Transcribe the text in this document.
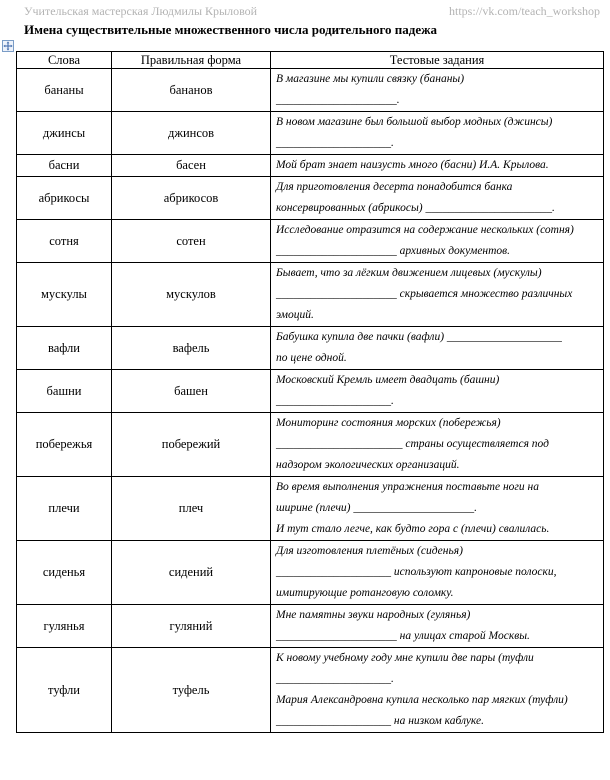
Учительская мастерская Людмилы Крыловой	https://vk.com/teach_workshop
Имена существительные множественного числа родительного падежа
Слова	Правильная форма	Тестовые задания
бананы	бананов	В магазине мы купили связку (бананы)
_____________________.

джинсы	джинсов	В новом магазине был большой выбор модных (джинсы)
____________________.

басни	басен	Мой брат знает наизусть много (басни) И.А. Крылова.

абрикосы	абрикосов	Для приготовления десерта понадобится банка
консервированных (абрикосы) ______________________.

сотня	сотен	Исследование отразится на содержание нескольких (сотня)
_____________________ архивных документов.

мускулы	мускулов	Бывает, что за лёгким движением лицевых (мускулы)
_____________________ скрывается множество различных
эмоций.

вафли	вафель	Бабушка купила две пачки (вафли) ____________________
по цене одной.

башни	башен	Московский Кремль имеет двадцать (башни)
____________________.

побережья	побережий	Мониторинг состояния морских (побережья)
______________________ страны осуществляется под
надзором экологических организаций.

плечи	плеч	Во время выполнения упражнения поставьте ноги на
ширине (плечи) _____________________.
И тут стало легче, как будто гора с (плечи) свалилась.

сиденья	сидений	Для изготовления плетёных (сиденья)
____________________ используют капроновые полоски,
имитирующие ротанговую соломку.

гулянья	гуляний	Мне памятны звуки народных (гулянья)
_____________________ на улицах старой Москвы.

туфли	туфель	К новому учебному году мне купили две пары (туфли
____________________.
Мария Александровна купила несколько пар мягких (туфли)
____________________ на низком каблуке.
